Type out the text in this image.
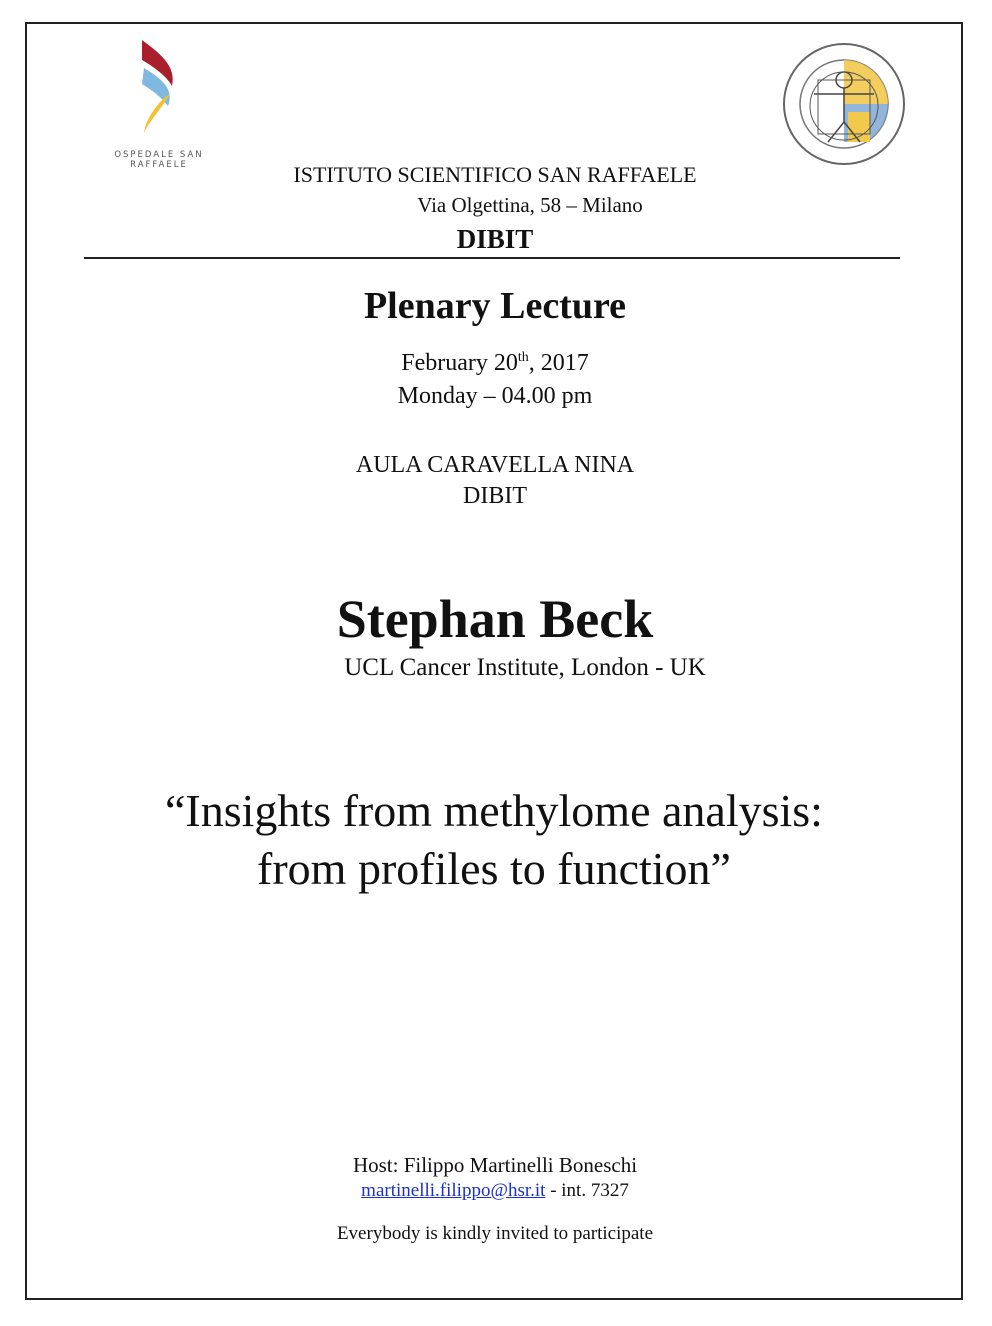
OSPEDALE SAN RAFFAELE	ISTITUTO SCIENTIFICO SAN RAFFAELE
Via Olgettina, 58 – Milano
DIBIT
Plenary Lecture
February 20th, 2017
Monday – 04.00 pm
AULA CARAVELLA NINA
DIBIT
Stephan Beck
UCL Cancer Institute, London - UK
“Insights from methylome analysis:
from profiles to function”
Host: Filippo Martinelli Boneschi
martinelli.filippo@hsr.it - int. 7327
Everybody is kindly invited to participate
